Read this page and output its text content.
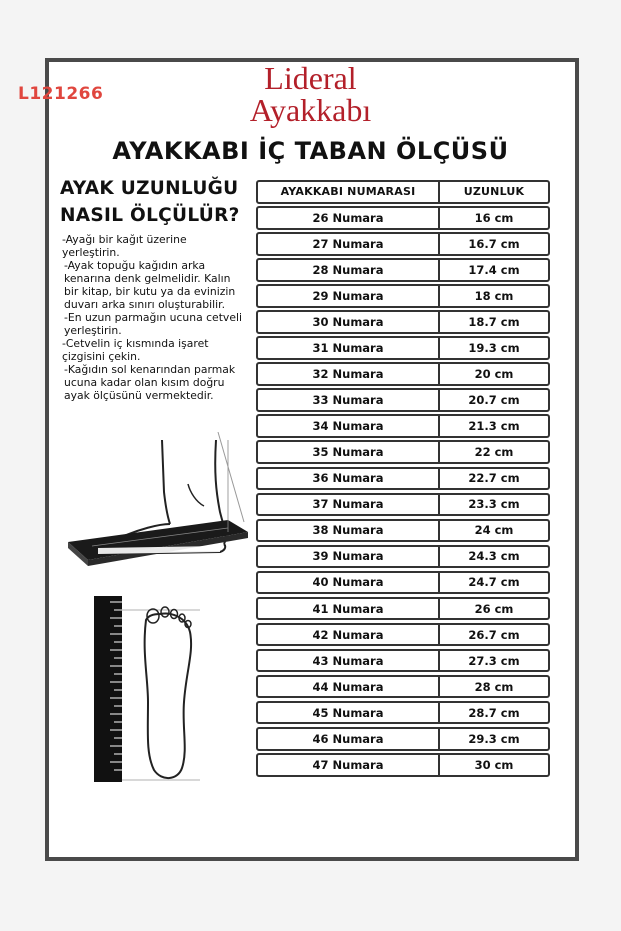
L121266	Lideral
Ayakkabı
AYAKKABI İÇ TABAN ÖLÇÜSÜ
AYAK UZUNLUĞU
NASIL ÖLÇÜLÜR?
-Ayağı bir kağıt üzerine
yerleştirin.
-Ayak topuğu kağıdın arka
kenarına denk gelmelidir. Kalın
bir kitap, bir kutu ya da evinizin
duvarı arka sınırı oluşturabilir.
-En uzun parmağın ucuna cetveli
yerleştirin.
-Cetvelin iç kısmında işaret
çizgisini çekin.
-Kağıdın sol kenarından parmak
ucuna kadar olan kısım doğru
ayak ölçüsünü vermektedir.
AYAKKABI NUMARASI	UZUNLUK
26 Numara	16 cm
27 Numara	16.7 cm
28 Numara	17.4 cm
29 Numara	18 cm
30 Numara	18.7 cm
31 Numara	19.3 cm
32 Numara	20 cm
33 Numara	20.7 cm
34 Numara	21.3 cm
35 Numara	22 cm
36 Numara	22.7 cm
37 Numara	23.3 cm
38 Numara	24 cm
39 Numara	24.3 cm
40 Numara	24.7 cm
41 Numara	26 cm
42 Numara	26.7 cm
43 Numara	27.3 cm
44 Numara	28 cm
45 Numara	28.7 cm
46 Numara	29.3 cm
47 Numara	30 cm
